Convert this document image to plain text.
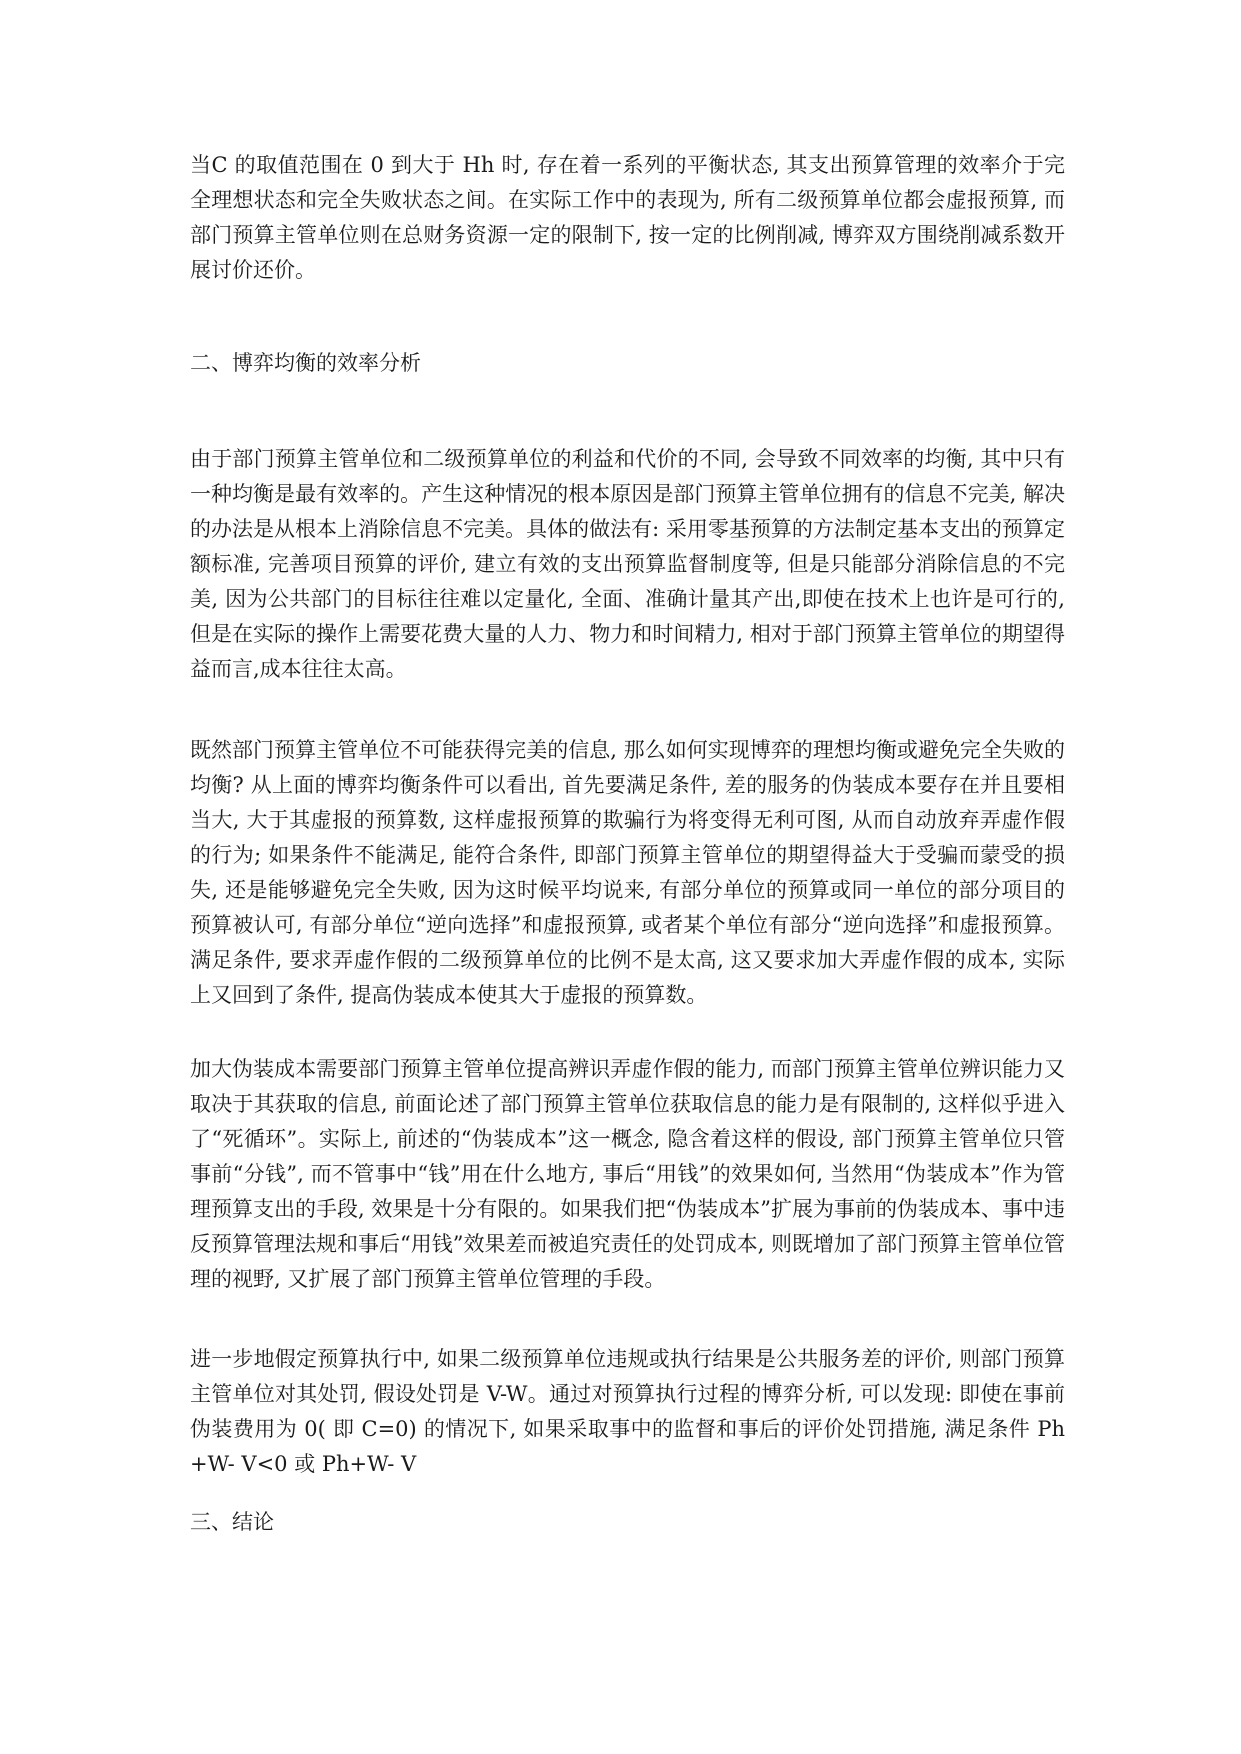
当C 的取值范围在 0 到大于 Hh 时, 存在着一系列的平衡状态, 其支出预算管理的效率介于完全理想状态和完全失败状态之间。在实际工作中的表现为, 所有二级预算单位都会虚报预算, 而部门预算主管单位则在总财务资源一定的限制下, 按一定的比例削减, 博弈双方围绕削减系数开展讨价还价。

二、博弈均衡的效率分析

由于部门预算主管单位和二级预算单位的利益和代价的不同, 会导致不同效率的均衡, 其中只有一种均衡是最有效率的。产生这种情况的根本原因是部门预算主管单位拥有的信息不完美, 解决的办法是从根本上消除信息不完美。具体的做法有: 采用零基预算的方法制定基本支出的预算定额标准, 完善项目预算的评价, 建立有效的支出预算监督制度等, 但是只能部分消除信息的不完美, 因为公共部门的目标往往难以定量化, 全面、准确计量其产出,即使在技术上也许是可行的, 但是在实际的操作上需要花费大量的人力、物力和时间精力, 相对于部门预算主管单位的期望得益而言,成本往往太高。

既然部门预算主管单位不可能获得完美的信息, 那么如何实现博弈的理想均衡或避免完全失败的均衡? 从上面的博弈均衡条件可以看出, 首先要满足条件, 差的服务的伪装成本要存在并且要相当大, 大于其虚报的预算数, 这样虚报预算的欺骗行为将变得无利可图, 从而自动放弃弄虚作假的行为; 如果条件不能满足, 能符合条件, 即部门预算主管单位的期望得益大于受骗而蒙受的损失, 还是能够避免完全失败, 因为这时候平均说来, 有部分单位的预算或同一单位的部分项目的预算被认可, 有部分单位“逆向选择”和虚报预算, 或者某个单位有部分“逆向选择”和虚报预算。满足条件, 要求弄虚作假的二级预算单位的比例不是太高, 这又要求加大弄虚作假的成本, 实际上又回到了条件, 提高伪装成本使其大于虚报的预算数。

加大伪装成本需要部门预算主管单位提高辨识弄虚作假的能力, 而部门预算主管单位辨识能力又取决于其获取的信息, 前面论述了部门预算主管单位获取信息的能力是有限制的, 这样似乎进入了“死循环”。实际上, 前述的“伪装成本”这一概念, 隐含着这样的假设, 部门预算主管单位只管事前“分钱”, 而不管事中“钱”用在什么地方, 事后“用钱”的效果如何, 当然用“伪装成本”作为管理预算支出的手段, 效果是十分有限的。如果我们把“伪装成本”扩展为事前的伪装成本、事中违反预算管理法规和事后“用钱”效果差而被追究责任的处罚成本, 则既增加了部门预算主管单位管理的视野, 又扩展了部门预算主管单位管理的手段。

进一步地假定预算执行中, 如果二级预算单位违规或执行结果是公共服务差的评价, 则部门预算主管单位对其处罚, 假设处罚是 V-W。通过对预算执行过程的博弈分析, 可以发现: 即使在事前伪装费用为 0( 即 C=0) 的情况下, 如果采取事中的监督和事后的评价处罚措施, 满足条件 Ph+W- V<0 或 Ph+W- V

三、结论
